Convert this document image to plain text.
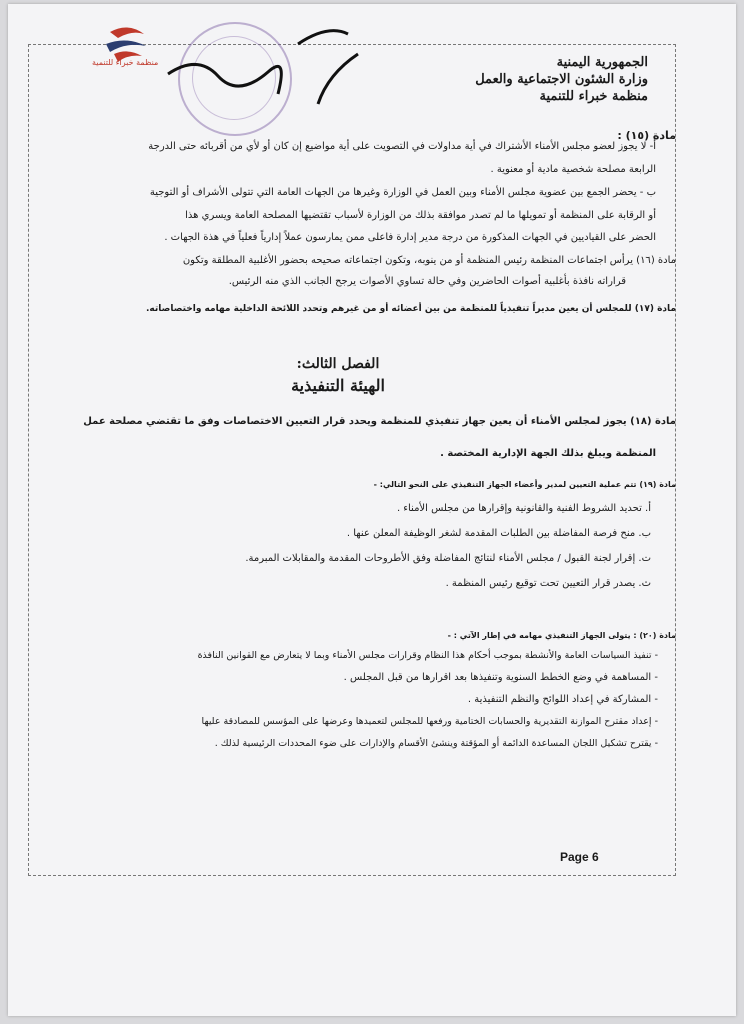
منظمة خبراء للتنمية	الجمهورية اليمنية
وزارة الشئون الاجتماعية والعمل
منظمة خبراء للتنمية
مادة (١٥) :
أ- لا يجوز لعضو مجلس الأمناء الأشتراك في أية مداولات في التصويت على أية مواضيع إن كان أو لأي من أقربائه حتى الدرجة
الرابعة مصلحة شخصية مادية أو معنوية .
ب - يحضر الجمع بين عضوية مجلس الأمناء وبين العمل في الوزارة وغيرها من الجهات العامة التي تتولى الأشراف أو التوجية
أو الرقابة على المنظمة أو تمويلها ما لم تصدر موافقة بذلك من الوزارة لأسباب تقتضيها المصلحة العامة ويسري هذا
الحضر على القياديين في الجهات المذكورة من درجة مدير إدارة فاعلى ممن يمارسون عملاً إدارياً فعلياً في هذة الجهات .
مادة (١٦) يرأس اجتماعات المنظمة رئيس المنظمة أو من ينوبه، وتكون اجتماعاته صحيحه بحضور الأغلبية المطلقة وتكون
قراراته نافذة بأغلبية أصوات الحاضرين وفي حالة تساوي الأصوات يرجح الجانب الذي منه الرئيس.
مادة (١٧) للمجلس أن يعين مديراً تنفيذياً للمنظمة من بين أعضائه أو من غيرهم وتحدد اللائحة الداخلية مهامه واختصاصاته.
الفصل الثالث:
الهيئة التنفيذية
مادة (١٨) يجوز لمجلس الأمناء أن يعين جهاز تنفيذي للمنظمة ويحدد قرار التعيين الاختصاصات وفق ما تقتضي مصلحة عمل
المنظمة ويبلغ بذلك الجهة الإدارية المختصة .
مادة (١٩) تتم عملية التعيين لمدير وأعضاء الجهاز التنفيذي على النحو التالي: -
أ. تحديد الشروط الفنية والقانونية وإقرارها من مجلس الأمناء .
ب. منح فرصة المفاضلة بين الطلبات المقدمة لشغر الوظيفة المعلن عنها .
ت. إقرار لجنة القبول / مجلس الأمناء لنتائج المفاضلة وفق الأطروحات المقدمة والمقابلات المبرمة.
ث. يصدر قرار التعيين تحت توقيع رئيس المنظمة .
مادة (٢٠) : يتولى الجهاز التنفيذي مهامه في إطار الآتي : -
- تنفيذ السياسات العامة والأنشطة بموجب أحكام هذا النظام وقرارات مجلس الأمناء وبما لا يتعارض مع القوانين النافذة
- المساهمة في وضع الخطط السنوية وتنفيذها بعد اقرارها من قبل المجلس .
- المشاركة في إعداد اللوائح والنظم التنفيذية .
- إعداد مقترح الموازنة التقديرية والحسابات الختامية ورفعها للمجلس لتعميدها وعرضها على المؤسس للمصادقة عليها
- يقترح تشكيل اللجان المساعدة الدائمة أو المؤقتة وينشئ الأقسام والإدارات على ضوء المحددات الرئيسية لذلك .
Page 6
